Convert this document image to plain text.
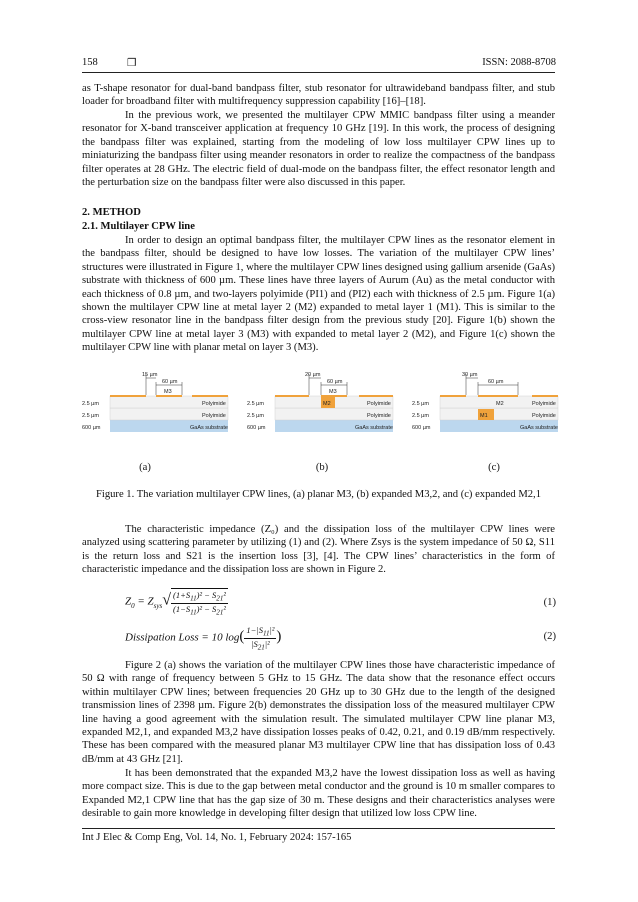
158	❒	ISSN: 2088-8708
as T-shape resonator for dual-band bandpass filter, stub resonator for ultrawideband bandpass filter, and stub loader for broadband filter with multifrequency suppression capability [16]–[18].
In the previous work, we presented the multilayer CPW MMIC bandpass filter using a meander resonator for X-band transceiver application at frequency 10 GHz [19]. In this work, the process of designing the bandpass filter was explained, starting from the modeling of low loss multilayer CPW lines up to miniaturizing the bandpass filter using meander resonators in order to realize the compactness of the bandpass filter operates at 28 GHz. The electric field of dual-mode on the bandpass filter, the effect resonator length and the perturbation size on the bandpass filter were also discussed in this paper.
2. METHOD
2.1. Multilayer CPW line
In order to design an optimal bandpass filter, the multilayer CPW lines as the resonator element in the bandpass filter, should be designed to have low losses. The variation of the multilayer CPW lines’ structures were illustrated in Figure 1, where the multilayer CPW lines designed using gallium arsenide (GaAs) substrate with thickness of 600 µm. These lines have three layers of Aurum (Au) as the metal conductor with each thickness of 0.8 µm, and two-layers polyimide (PI1) and (PI2) each with thickness of 2.5 µm. Figure 1(a) shown the multilayer CPW line at metal layer 2 (M2) expanded to metal layer 1 (M1). This is similar to the cross-view resonator line in the bandpass filter design from the previous study [20]. Figure 1(b) shown the multilayer CPW line at metal layer 3 (M3) with expanded to metal layer 2 (M2), and Figure 1(c) shown the multilayer CPW line with planar metal on layer 3 (M3).
15 µm
60 µm
M3
Polyimide
Polyimide
GaAs substrate
2.5 µm
2.5 µm
600 µm
20 µm
60 µm
M3
M2	Polyimide
Polyimide
GaAs substrate
2.5 µm
2.5 µm
600 µm
30 µm
60 µm
M2
M1
Polyimide
Polyimide
GaAs substrate
2.5 µm
2.5 µm
600 µm
(a)	(b)	(c)
Figure 1. The variation multilayer CPW lines, (a) planar M3, (b) expanded M3,2, and (c) expanded M2,1
The characteristic impedance (Z₀) and the dissipation loss of the multilayer CPW lines were analyzed using scattering parameter by utilizing (1) and (2). Where Zsys is the system impedance of 50 Ω, S11 is the return loss and S21 is the insertion loss [3], [4]. The CPW lines’ characteristics in the form of characteristic impedance and the dissipation loss are shown in Figure 2.
$Z_0 = Z_{sys}√ \frac{(1+S_{11})^2 - S_{21}^2}{(1-S_{11})^2 - S_{21}^2}$	(1)
Dissipation Loss = 10 $\log( \frac{1-|S_{11}|^2}{|S_{21}|^2}$ )	(2)
Figure 2 (a) shows the variation of the multilayer CPW lines those have characteristic impedance of 50 Ω with range of frequency between 5 GHz to 15 GHz. The data show that the resonance effect occurs within multilayer CPW lines; between frequencies 20 GHz up to 30 GHz due to the length of the designed transmission lines of 2398 µm. Figure 2(b) demonstrates the dissipation loss of the measured multilayer CPW line having a good agreement with the simulation result. The simulated multilayer CPW line planar M3, expanded M2,1, and expanded M3,2 have dissipation losses peaks of 0.42, 0.21, and 0.19 dB/mm respectively. These has been compared with the measured planar M3 multilayer CPW line that has dissipation loss of 0.43 dB/mm at 43 GHz [21].
It has been demonstrated that the expanded M3,2 have the lowest dissipation loss as well as having more compact size. This is due to the gap between metal conductor and the ground is 10 m smaller compares to Expanded M2,1 CPW line that has the gap size of 30 m. These designs and their characteristics analyses were desirable to gain more knowledge in developing filter design that utilized low loss CPW line.
Int J Elec & Comp Eng, Vol. 14, No. 1, February 2024: 157-165
